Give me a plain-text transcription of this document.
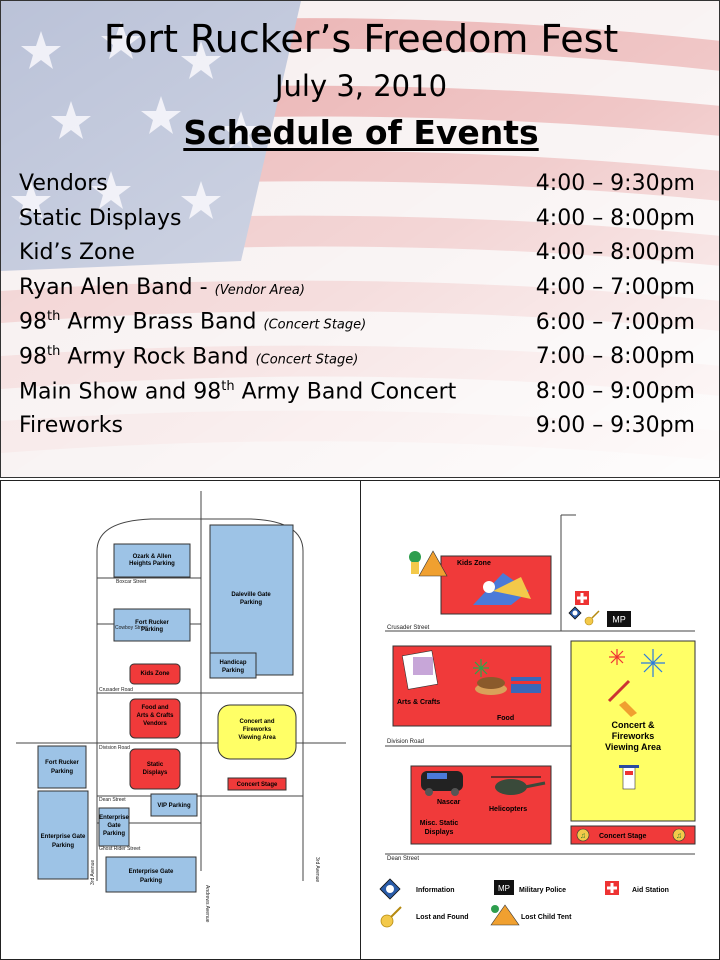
Fort Rucker’s Freedom Fest
July 3, 2010
Schedule of Events
Vendors	4:00 – 9:30pm
Static Displays	4:00 – 8:00pm
Kid’s Zone	4:00 – 8:00pm
Ryan Alen Band - (Vendor Area)	4:00 – 7:00pm
98th Army Brass Band (Concert Stage)	6:00 – 7:00pm
98th Army Rock Band (Concert Stage)	7:00 – 8:00pm
Main Show and 98th Army Band Concert	8:00 – 9:00pm
Fireworks	9:00 – 9:30pm
Ozark & Allen Heights Parking
Fort Rucker Parking
Kids Zone
Daleville Gate Parking
Handicap Parking
Food and Arts & Crafts Vendors	Concert and Fireworks Viewing Area
Static Displays
Concert Stage
Fort Rucker Parking
Enterprise Gate Parking
VIP Parking
Enterprise Gate Parking
Enterprise Gate Parking
Boxcar Street
Cowboy Street
Crusader Road
Division Road
Dean Street
Ghost Rider Street
3rd Avenue
Andrews Avenue
3rd Avenue
MP
♫	♫
Kids Zone
Arts & Crafts
Food
Concert & Fireworks Viewing Area
Nascar
Helicopters
Misc. Static Displays
Concert Stage
Crusader Street
Division Road
Dean Street
Information	MP Military Police	Aid Station
Lost and Found	Lost Child Tent
